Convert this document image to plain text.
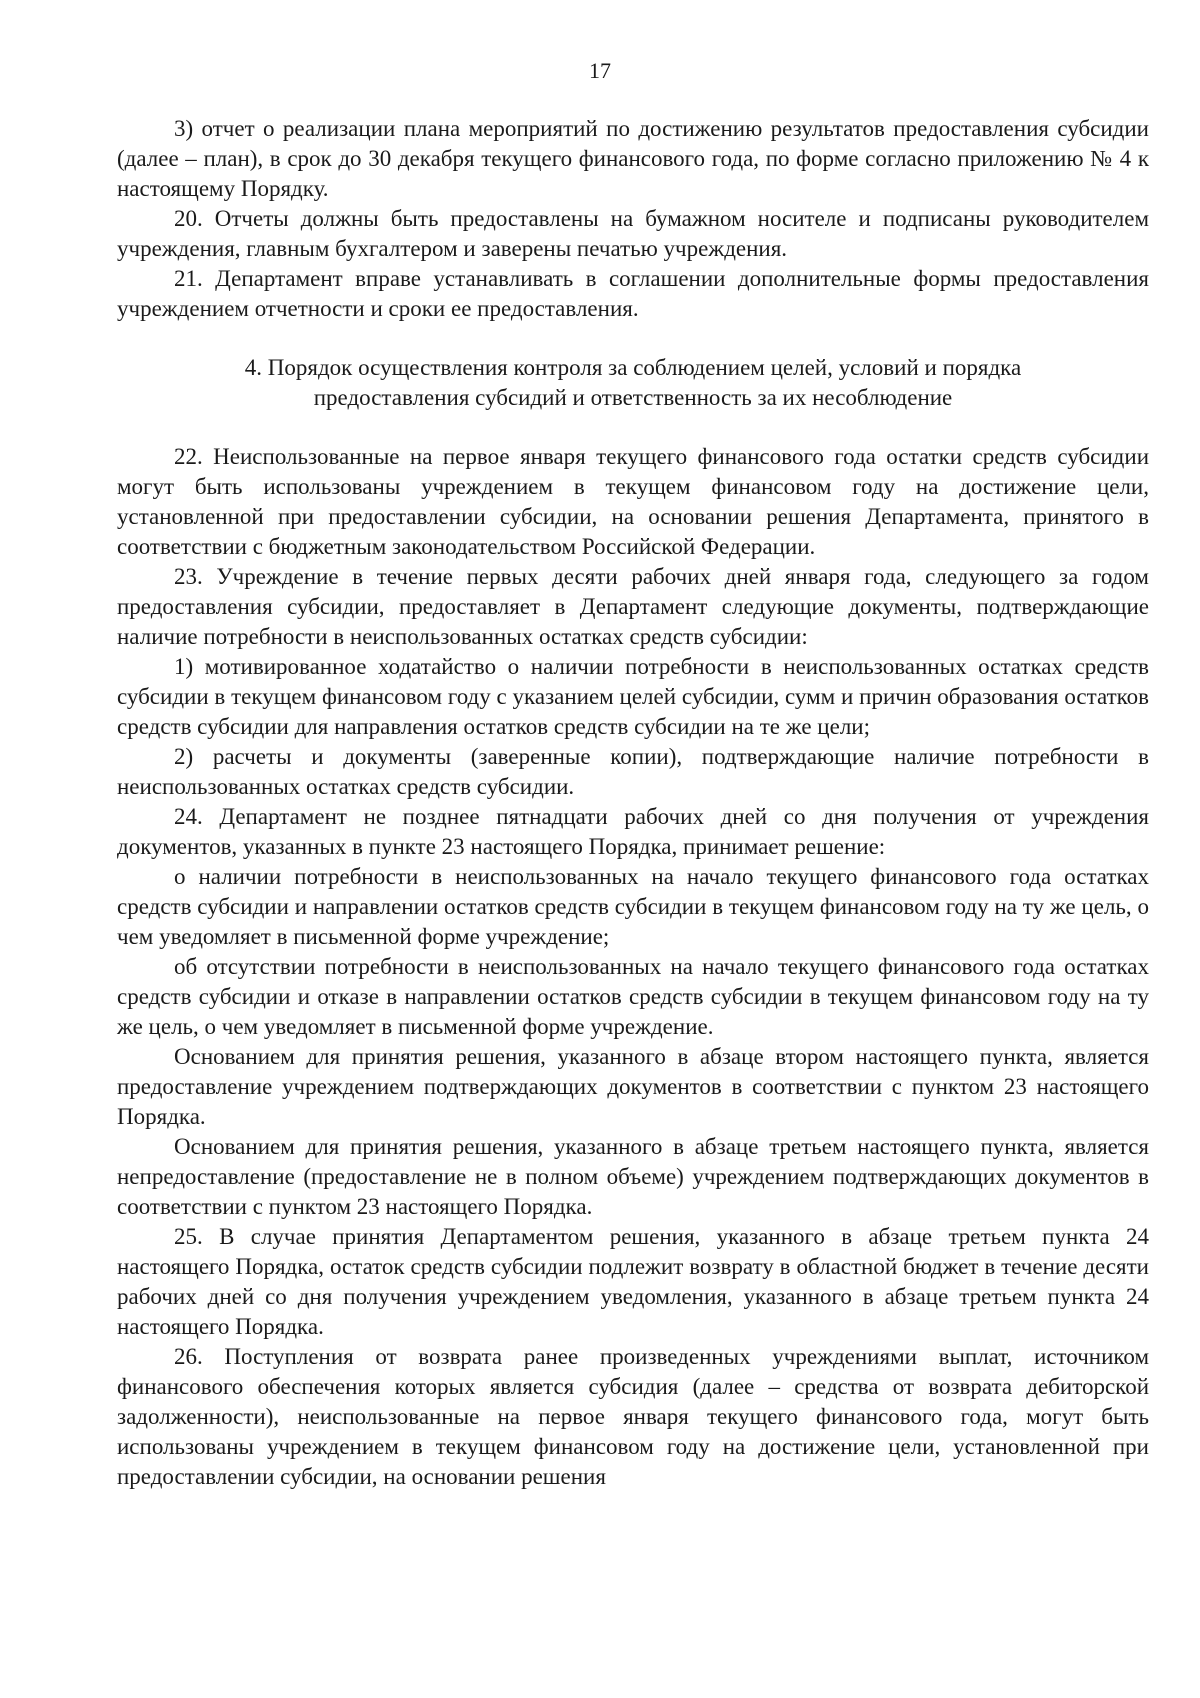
17

3) отчет о реализации плана мероприятий по достижению результатов предоставления субсидии (далее – план), в срок до 30 декабря текущего финансового года, по форме согласно приложению № 4 к настоящему Порядку.

20. Отчеты должны быть предоставлены на бумажном носителе и подписаны руководителем учреждения, главным бухгалтером и заверены печатью учреждения.

21. Департамент вправе устанавливать в соглашении дополнительные формы предоставления учреждением отчетности и сроки ее предоставления.

4. Порядок осуществления контроля за соблюдением целей, условий и порядка
предоставления субсидий и ответственность за их несоблюдение

22. Неиспользованные на первое января текущего финансового года остатки средств субсидии могут быть использованы учреждением в текущем финансовом году на достижение цели, установленной при предоставлении субсидии, на основании решения Департамента, принятого в соответствии с бюджетным законодательством Российской Федерации.

23. Учреждение в течение первых десяти рабочих дней января года, следующего за годом предоставления субсидии, предоставляет в Департамент следующие документы, подтверждающие наличие потребности в неиспользованных остатках средств субсидии:

1) мотивированное ходатайство о наличии потребности в неиспользованных остатках средств субсидии в текущем финансовом году с указанием целей субсидии, сумм и причин образования остатков средств субсидии для направления остатков средств субсидии на те же цели;

2) расчеты и документы (заверенные копии), подтверждающие наличие потребности в неиспользованных остатках средств субсидии.

24. Департамент не позднее пятнадцати рабочих дней со дня получения от учреждения документов, указанных в пункте 23 настоящего Порядка, принимает решение:

о наличии потребности в неиспользованных на начало текущего финансового года остатках средств субсидии и направлении остатков средств субсидии в текущем финансовом году на ту же цель, о чем уведомляет в письменной форме учреждение;

об отсутствии потребности в неиспользованных на начало текущего финансового года остатках средств субсидии и отказе в направлении остатков средств субсидии в текущем финансовом году на ту же цель, о чем уведомляет в письменной форме учреждение.

Основанием для принятия решения, указанного в абзаце втором настоящего пункта, является предоставление учреждением подтверждающих документов в соответствии с пунктом 23 настоящего Порядка.

Основанием для принятия решения, указанного в абзаце третьем настоящего пункта, является непредоставление (предоставление не в полном объеме) учреждением подтверждающих документов в соответствии с пунктом 23 настоящего Порядка.

25. В случае принятия Департаментом решения, указанного в абзаце третьем пункта 24 настоящего Порядка, остаток средств субсидии подлежит возврату в областной бюджет в течение десяти рабочих дней со дня получения учреждением уведомления, указанного в абзаце третьем пункта 24 настоящего Порядка.

26. Поступления от возврата ранее произведенных учреждениями выплат, источником финансового обеспечения которых является субсидия (далее – средства от возврата дебиторской задолженности), неиспользованные на первое января текущего финансового года, могут быть использованы учреждением в текущем финансовом году на достижение цели, установленной при предоставлении субсидии, на основании решения
